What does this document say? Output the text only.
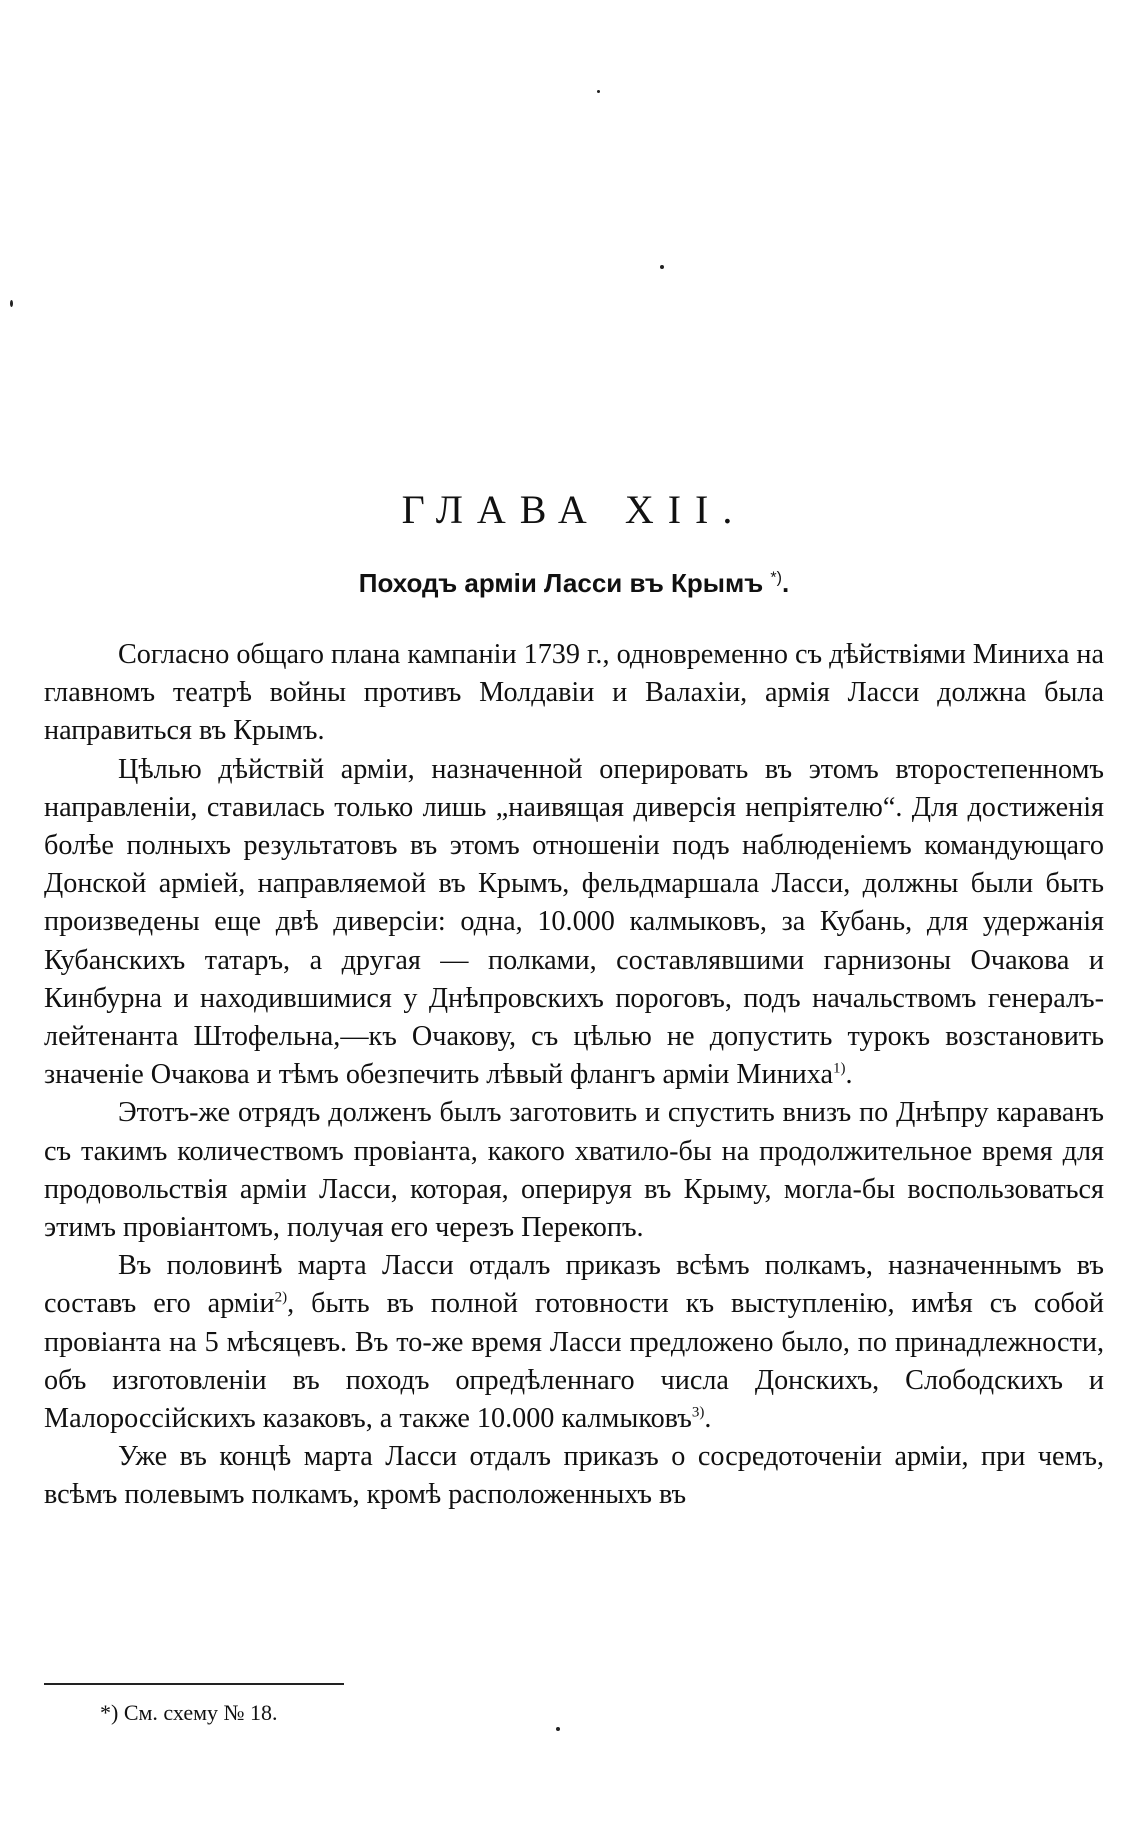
ГЛАВА XII.
Походъ арміи Ласси въ Крымъ *).

Согласно общаго плана кампаніи 1739 г., одновременно съ дѣйствіями Миниха на главномъ театрѣ войны противъ Молдавіи и Валахіи, армія Ласси должна была направиться въ Крымъ.

Цѣлью дѣйствій арміи, назначенной оперировать въ этомъ второстепенномъ направленіи, ставилась только лишь „наивящая диверсія непріятелю“. Для достиженія болѣе полныхъ результатовъ въ этомъ отношеніи подъ наблюденіемъ командующаго Донской арміей, направляемой въ Крымъ, фельдмаршала Ласси, должны были быть произведены еще двѣ диверсіи: одна, 10.000 калмыковъ, за Кубань, для удержанія Кубанскихъ татаръ, а другая — полками, составлявшими гарнизоны Очакова и Кинбурна и находившимися у Днѣпровскихъ пороговъ, подъ начальствомъ генералъ-лейтенанта Штофельна,—къ Очакову, съ цѣлью не допустить турокъ возстановить значеніе Очакова и тѣмъ обезпечить лѣвый флангъ арміи Миниха$^{1)}$.

Этотъ-же отрядъ долженъ былъ заготовить и спустить внизъ по Днѣпру караванъ съ такимъ количествомъ провіанта, какого хватило-бы на продолжительное время для продовольствія арміи Ласси, которая, оперируя въ Крыму, могла-бы воспользоваться этимъ провіантомъ, получая его черезъ Перекопъ.

Въ половинѣ марта Ласси отдалъ приказъ всѣмъ полкамъ, назначеннымъ въ составъ его арміи$^{2)}$, быть въ полной готовности къ выступленію, имѣя съ собой провіанта на 5 мѣсяцевъ. Въ то-же время Ласси предложено было, по принадлежности, объ изготовленіи въ походъ опредѣленнаго числа Донскихъ, Слободскихъ и Малороссійскихъ казаковъ, а также 10.000 калмыковъ$^{3)}$.

Уже въ концѣ марта Ласси отдалъ приказъ о сосредоточеніи арміи, при чемъ, всѣмъ полевымъ полкамъ, кромѣ расположенныхъ въ

*) См. схему № 18.
